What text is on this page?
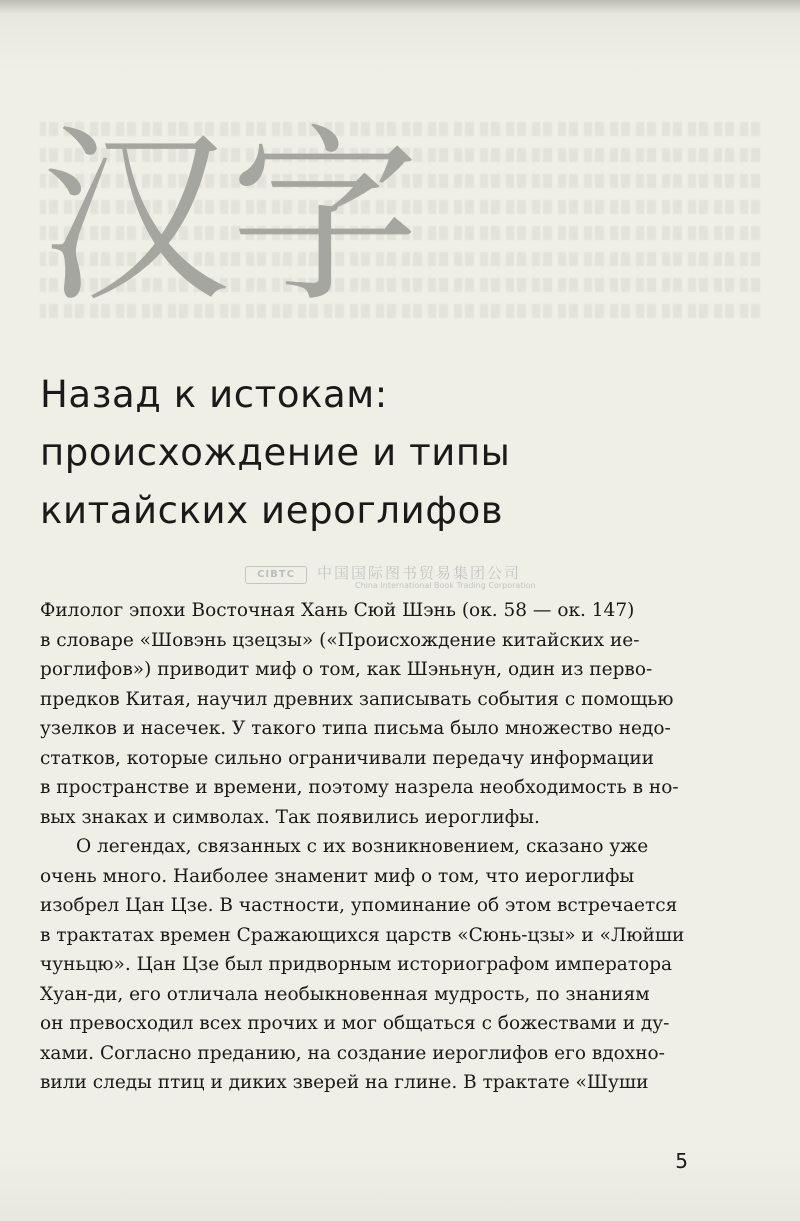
汉字
Назад к истокам:
происхождение и типы
китайских иероглифов
CIBTC	中国国际图书贸易集团公司
China International Book Trading Corporation
Филолог эпохи Восточная Хань Сюй Шэнь (ок. 58 — ок. 147)
в словаре «Шовэнь цзецзы» («Происхождение китайских ие-
роглифов») приводит миф о том, как Шэньнун, один из перво-
предков Китая, научил древних записывать события с помощью
узелков и насечек. У такого типа письма было множество недо-
статков, которые сильно ограничивали передачу информации
в пространстве и времени, поэтому назрела необходимость в но-
вых знаках и символах. Так появились иероглифы.
О легендах, связанных с их возникновением, сказано уже
очень много. Наиболее знаменит миф о том, что иероглифы
изобрел Цан Цзе. В частности, упоминание об этом встречается
в трактатах времен Сражающихся царств «Сюнь-цзы» и «Люйши
чуньцю». Цан Цзе был придворным историографом императора
Хуан-ди, его отличала необыкновенная мудрость, по знаниям
он превосходил всех прочих и мог общаться с божествами и ду-
хами. Согласно преданию, на создание иероглифов его вдохно-
вили следы птиц и диких зверей на глине. В трактате «Шуши
5
